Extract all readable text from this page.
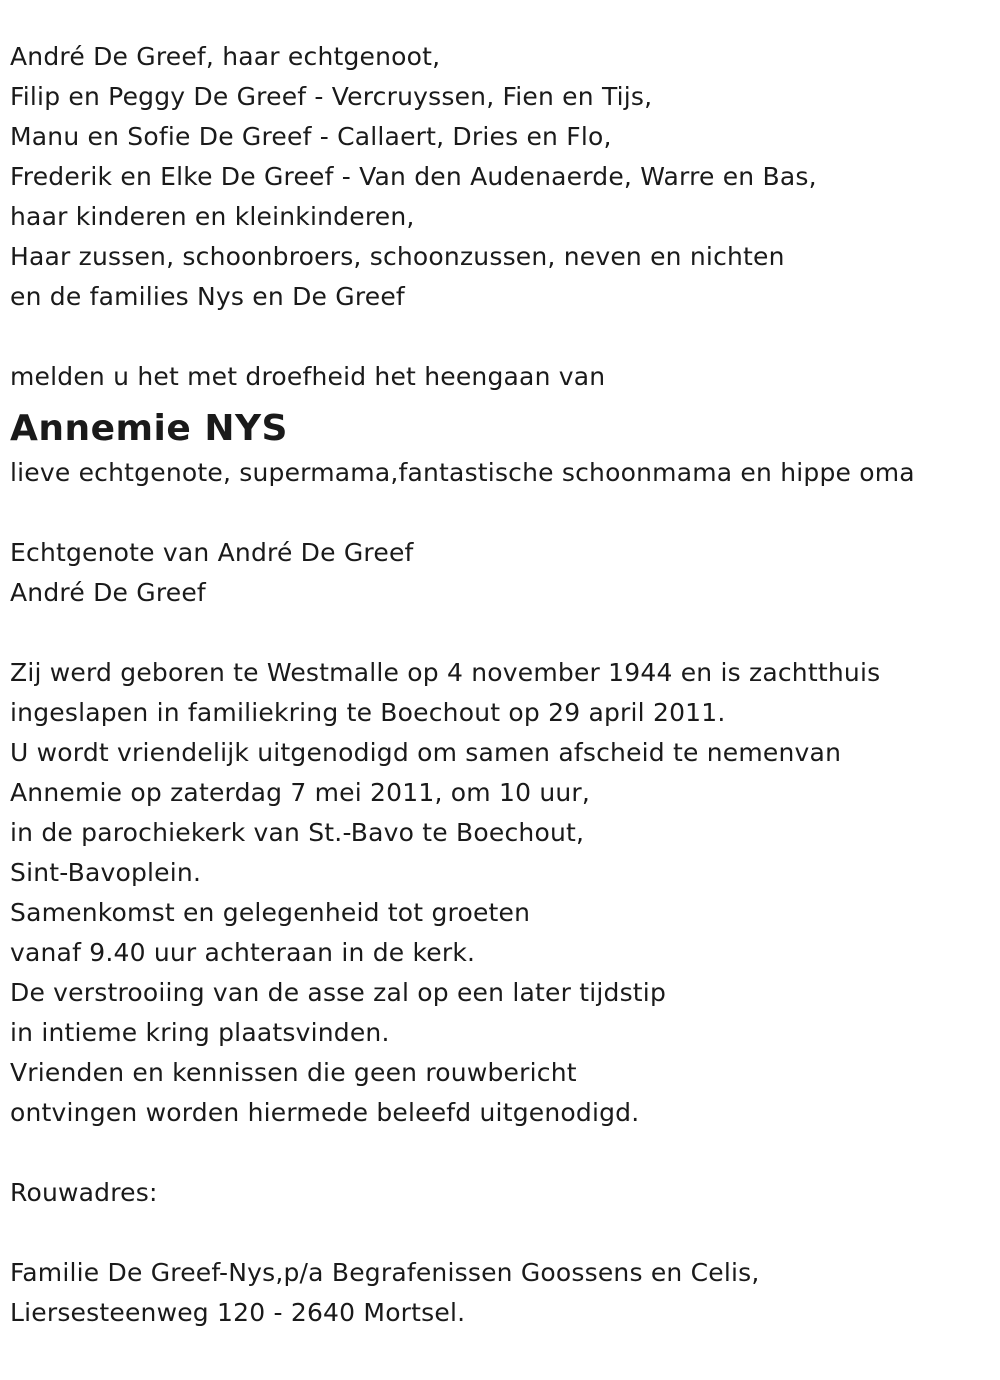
André De Greef, haar echtgenoot,
Filip en Peggy De Greef - Vercruyssen, Fien en Tijs,
Manu en Sofie De Greef - Callaert, Dries en Flo,
Frederik en Elke De Greef - Van den Audenaerde, Warre en Bas,
haar kinderen en kleinkinderen,
Haar zussen, schoonbroers, schoonzussen, neven en nichten
en de families Nys en De Greef
melden u het met droefheid het heengaan van
Annemie NYS
lieve echtgenote, supermama,fantastische schoonmama en hippe oma
Echtgenote van André De Greef
André De Greef
Zij werd geboren te Westmalle op 4 november 1944 en is zachtthuis
ingeslapen in familiekring te Boechout op 29 april 2011.
U wordt vriendelijk uitgenodigd om samen afscheid te nemenvan
Annemie op zaterdag 7 mei 2011, om 10 uur,
in de parochiekerk van St.-Bavo te Boechout,
Sint-Bavoplein.
Samenkomst en gelegenheid tot groeten
vanaf 9.40 uur achteraan in de kerk.
De verstrooiing van de asse zal op een later tijdstip
in intieme kring plaatsvinden.
Vrienden en kennissen die geen rouwbericht
ontvingen worden hiermede beleefd uitgenodigd.
Rouwadres:
Familie De Greef-Nys,p/a Begrafenissen Goossens en Celis,
Liersesteenweg 120 - 2640 Mortsel.
